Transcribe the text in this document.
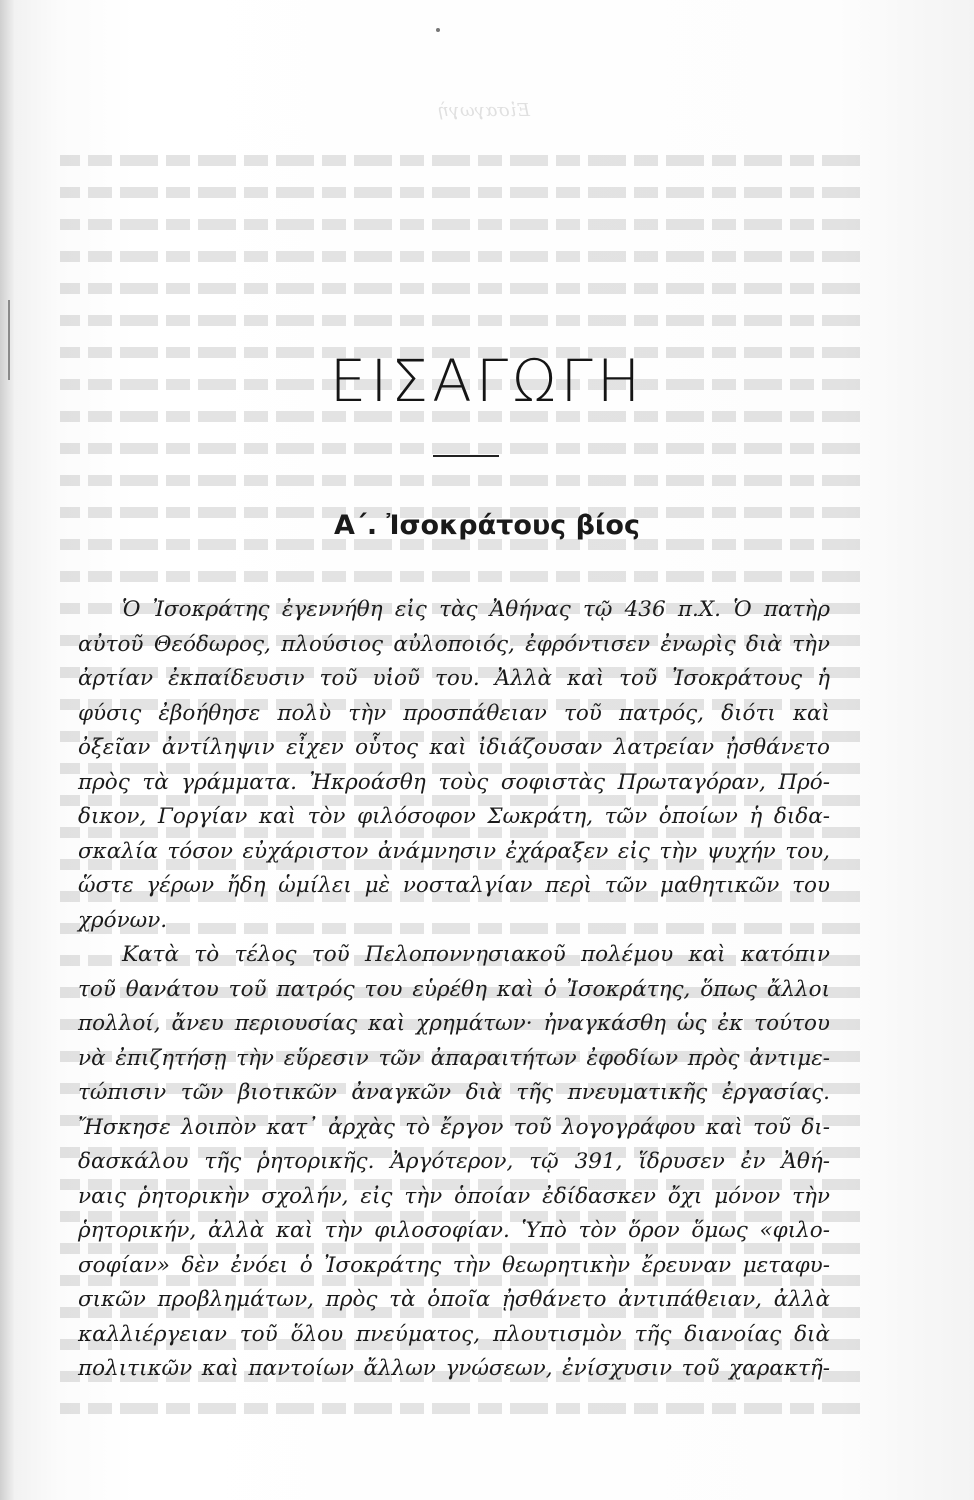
Εἰσαγωγὴ
ΕΙΣΑΓΩΓΗ
Α΄. Ἰσοκράτους βίος
Ὁ Ἰσοκράτης ἐγεννήθη εἰς τὰς Ἀθήνας τῷ 436 π.Χ. Ὁ πατὴρ
αὐτοῦ Θεόδωρος, πλούσιος αὐλοποιός, ἐφρόντισεν ἐνωρὶς διὰ τὴν
ἀρτίαν ἐκπαίδευσιν τοῦ υἱοῦ του. Ἀλλὰ καὶ τοῦ Ἰσοκράτους ἡ
φύσις ἐβοήθησε πολὺ τὴν προσπάθειαν τοῦ πατρός, διότι καὶ
ὀξεῖαν ἀντίληψιν εἶχεν οὗτος καὶ ἰδιάζουσαν λατρείαν ᾐσθάνετο
πρὸς τὰ γράμματα. Ἠκροάσθη τοὺς σοφιστὰς Πρωταγόραν, Πρό-
δικον, Γοργίαν καὶ τὸν φιλόσοφον Σωκράτη, τῶν ὁποίων ἡ διδα-
σκαλία τόσον εὐχάριστον ἀνάμνησιν ἐχάραξεν εἰς τὴν ψυχήν του,
ὥστε γέρων ἤδη ὡμίλει μὲ νοσταλγίαν περὶ τῶν μαθητικῶν του
χρόνων.
Κατὰ τὸ τέλος τοῦ Πελοποννησιακοῦ πολέμου καὶ κατόπιν
τοῦ θανάτου τοῦ πατρός του εὑρέθη καὶ ὁ Ἰσοκράτης, ὅπως ἄλλοι
πολλοί, ἄνευ περιουσίας καὶ χρημάτων· ἠναγκάσθη ὡς ἐκ τούτου
νὰ ἐπιζητήσῃ τὴν εὕρεσιν τῶν ἀπαραιτήτων ἐφοδίων πρὸς ἀντιμε-
τώπισιν τῶν βιοτικῶν ἀναγκῶν διὰ τῆς πνευματικῆς ἐργασίας.
Ἤσκησε λοιπὸν κατ᾽ ἀρχὰς τὸ ἔργον τοῦ λογογράφου καὶ τοῦ δι-
δασκάλου τῆς ῥητορικῆς. Ἀργότερον, τῷ 391, ἵδρυσεν ἐν Ἀθή-
ναις ῥητορικὴν σχολήν, εἰς τὴν ὁποίαν ἐδίδασκεν ὄχι μόνον τὴν
ῥητορικήν, ἀλλὰ καὶ τὴν φιλοσοφίαν. Ὑπὸ τὸν ὅρον ὅμως «φιλο-
σοφίαν» δὲν ἐνόει ὁ Ἰσοκράτης τὴν θεωρητικὴν ἔρευναν μεταφυ-
σικῶν προβλημάτων, πρὸς τὰ ὁποῖα ᾐσθάνετο ἀντιπάθειαν, ἀλλὰ
καλλιέργειαν τοῦ ὅλου πνεύματος, πλουτισμὸν τῆς διανοίας διὰ
πολιτικῶν καὶ παντοίων ἄλλων γνώσεων, ἐνίσχυσιν τοῦ χαρακτῆ-
